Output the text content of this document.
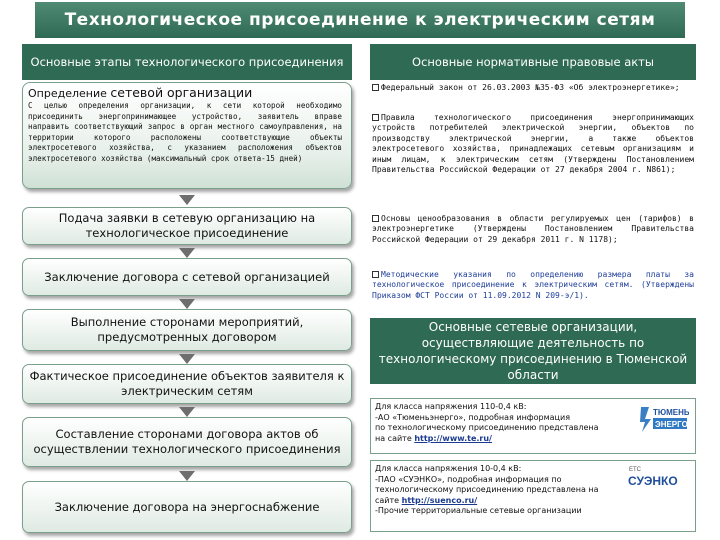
Технологическое присоединение к электрическим сетям
Основные этапы технологического присоединения
Определение сетевой организации
С целью определения организации, к сети которой необходимо присоединить энергопринимающее устройство, заявитель вправе направить соответствующий запрос в орган местного самоуправления, на территории которого расположены соответствующие объекты электросетевого хозяйства, с указанием расположения объектов электросетевого хозяйства (максимальный срок ответа-15 дней)
Подача заявки в сетевую организацию на технологическое присоединение
Заключение договора с сетевой организацией
Выполнение сторонами мероприятий, предусмотренных договором
Фактическое присоединение объектов заявителя к электрическим сетям
Составление сторонами договора актов об осуществлении технологического присоединения
Заключение договора на энергоснабжение
Основные нормативные правовые акты
Федеральный закон от 26.03.2003 №35-ФЗ «Об электроэнергетике»;
Правила технологического присоединения энергопринимающих устройств потребителей электрической энергии, объектов по производству электрической энергии, а также объектов электросетевого хозяйства, принадлежащих сетевым организациям и иным лицам, к электрическим сетям (Утверждены Постановлением Правительства Российской Федерации от 27 декабря 2004 г. N861);
Основы ценообразования в области регулируемых цен (тарифов) в электроэнергетике (Утверждены Постановлением Правительства Российской Федерации от 29 декабря 2011 г. N 1178);
Методические указания по определению размера платы за технологическое присоединение к электрическим сетям. (Утверждены Приказом ФСТ России от 11.09.2012 N 209-э/1).
Основные сетевые организации, осуществляющие деятельность по технологическому присоединению в Тюменской области
Для класса напряжения 110-0,4 кВ:
-АО «Тюменьэнерго», подробная информация
по технологическому присоединению представлена
на сайте http://www.te.ru/
ТЮМЕНЬ
ЭНЕРГО
Для класса напряжения 10-0,4 кВ:
-ПАО «СУЭНКО», подробная информация по
технологическому присоединению представлена на
сайте http://suenco.ru/
-Прочие территориальные сетевые организации
ЕТС
СУЭНКО
